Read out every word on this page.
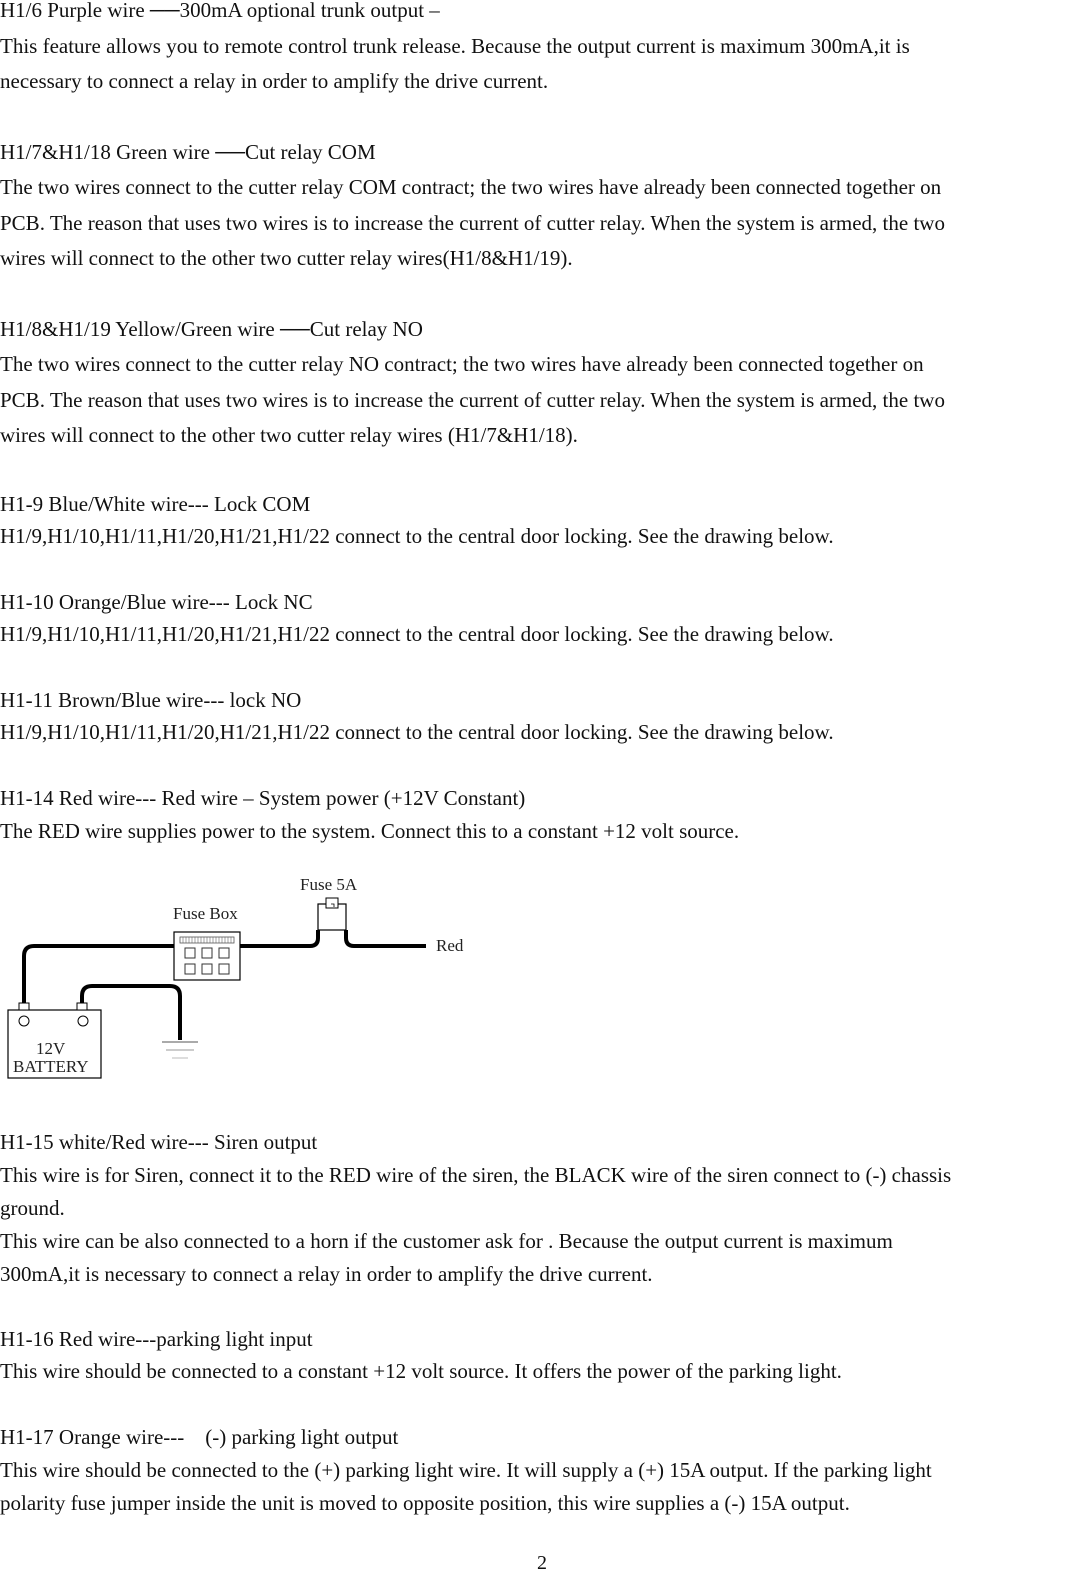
H1/6 Purple wire ──300mA optional trunk output –

This feature allows you to remote control trunk release. Because the output current is maximum 300mA,it is

necessary to connect a relay in order to amplify the drive current.

H1/7&H1/18 Green wire ──Cut relay COM

The two wires connect to the cutter relay COM contract; the two wires have already been connected together on

PCB. The reason that uses two wires is to increase the current of cutter relay. When the system is armed, the two

wires will connect to the other two cutter relay wires(H1/8&H1/19).

H1/8&H1/19 Yellow/Green wire ──Cut relay NO

The two wires connect to the cutter relay NO contract; the two wires have already been connected together on

PCB. The reason that uses two wires is to increase the current of cutter relay. When the system is armed, the two

wires will connect to the other two cutter relay wires (H1/7&H1/18).

H1-9 Blue/White wire--- Lock COM

H1/9,H1/10,H1/11,H1/20,H1/21,H1/22 connect to the central door locking. See the drawing below.

H1-10 Orange/Blue wire--- Lock NC

H1/9,H1/10,H1/11,H1/20,H1/21,H1/22 connect to the central door locking. See the drawing below.

H1-11 Brown/Blue wire--- lock NO

H1/9,H1/10,H1/11,H1/20,H1/21,H1/22 connect to the central door locking. See the drawing below.

H1-14 Red wire--- Red wire – System power (+12V Constant)

The RED wire supplies power to the system. Connect this to a constant +12 volt source.

Fuse 5A
Fuse Box
Red
12V
BATTERY

H1-15 white/Red wire--- Siren output

This wire is for Siren, connect it to the RED wire of the siren, the BLACK wire of the siren connect to (-) chassis

ground.

This wire can be also connected to a horn if the customer ask for . Because the output current is maximum

300mA,it is necessary to connect a relay in order to amplify the drive current.

H1-16 Red wire---parking light input

This wire should be connected to a constant +12 volt source. It offers the power of the parking light.

H1-17 Orange wire---    (-) parking light output

This wire should be connected to the (+) parking light wire. It will supply a (+) 15A output. If the parking light

polarity fuse jumper inside the unit is moved to opposite position, this wire supplies a (-) 15A output.

2
